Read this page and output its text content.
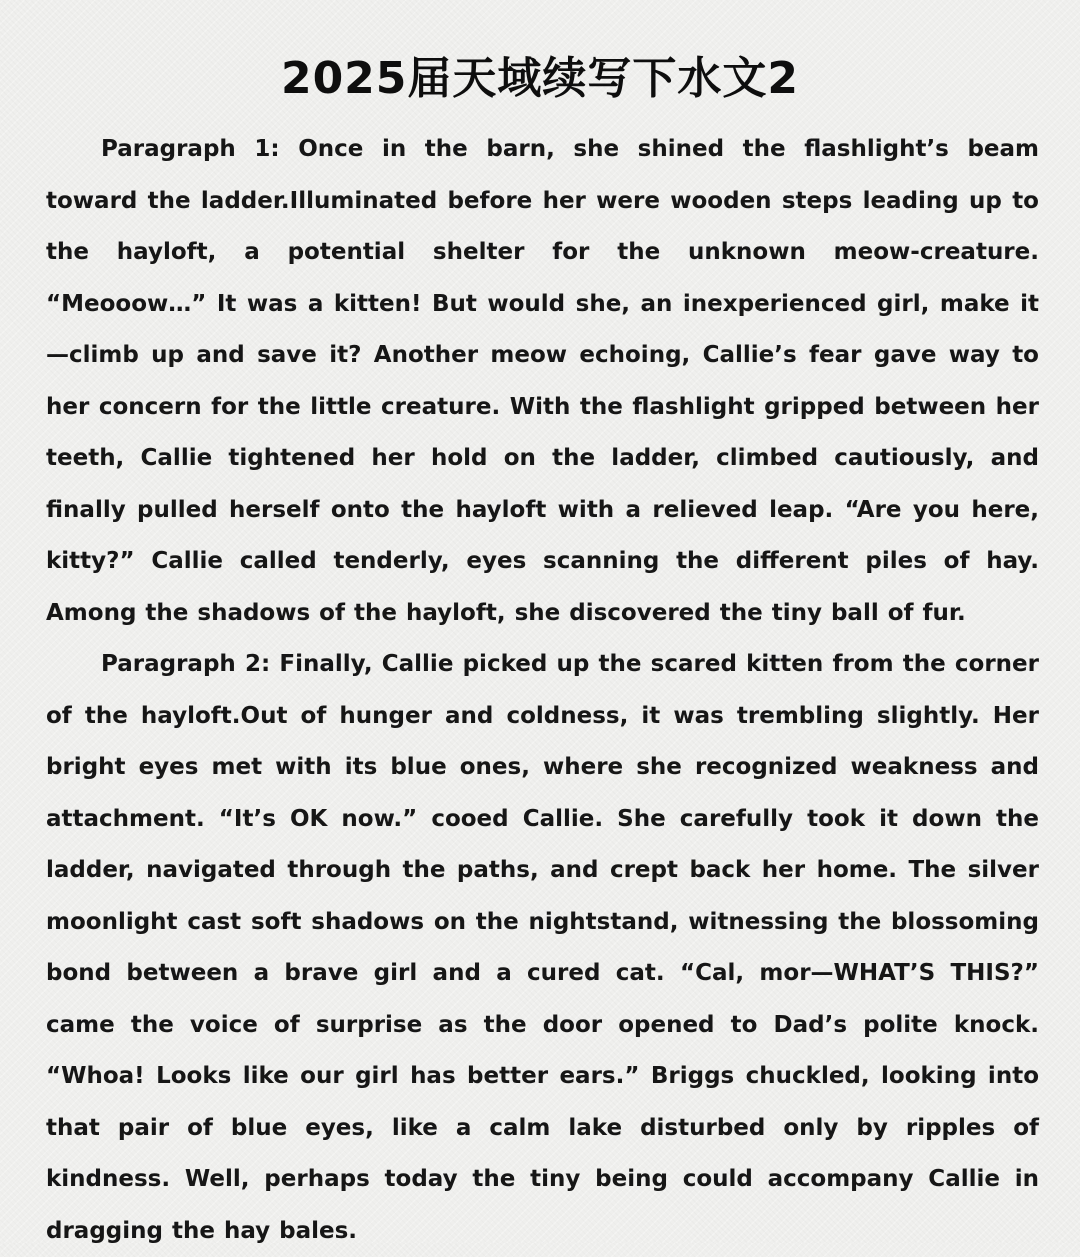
2025届天域续写下水文2

Paragraph 1: Once in the barn, she shined the flashlight’s beam toward the ladder.Illuminated before her were wooden steps leading up to the hayloft, a potential shelter for the unknown meow-creature. “Meooow…” It was a kitten! But would she, an inexperienced girl, make it—climb up and save it? Another meow echoing, Callie’s fear gave way to her concern for the little creature. With the flashlight gripped between her teeth, Callie tightened her hold on the ladder, climbed cautiously, and finally pulled herself onto the hayloft with a relieved leap. “Are you here, kitty?” Callie called tenderly, eyes scanning the different piles of hay. Among the shadows of the hayloft, she discovered the tiny ball of fur.

Paragraph 2: Finally, Callie picked up the scared kitten from the corner of the hayloft.Out of hunger and coldness, it was trembling slightly. Her bright eyes met with its blue ones, where she recognized weakness and attachment. “It’s OK now.” cooed Callie. She carefully took it down the ladder, navigated through the paths, and crept back her home. The silver moonlight cast soft shadows on the nightstand, witnessing the blossoming bond between a brave girl and a cured cat. “Cal, mor—WHAT’S THIS?” came the voice of surprise as the door opened to Dad’s polite knock. “Whoa! Looks like our girl has better ears.” Briggs chuckled, looking into that pair of blue eyes, like a calm lake disturbed only by ripples of kindness. Well, perhaps today the tiny being could accompany Callie in dragging the hay bales.
